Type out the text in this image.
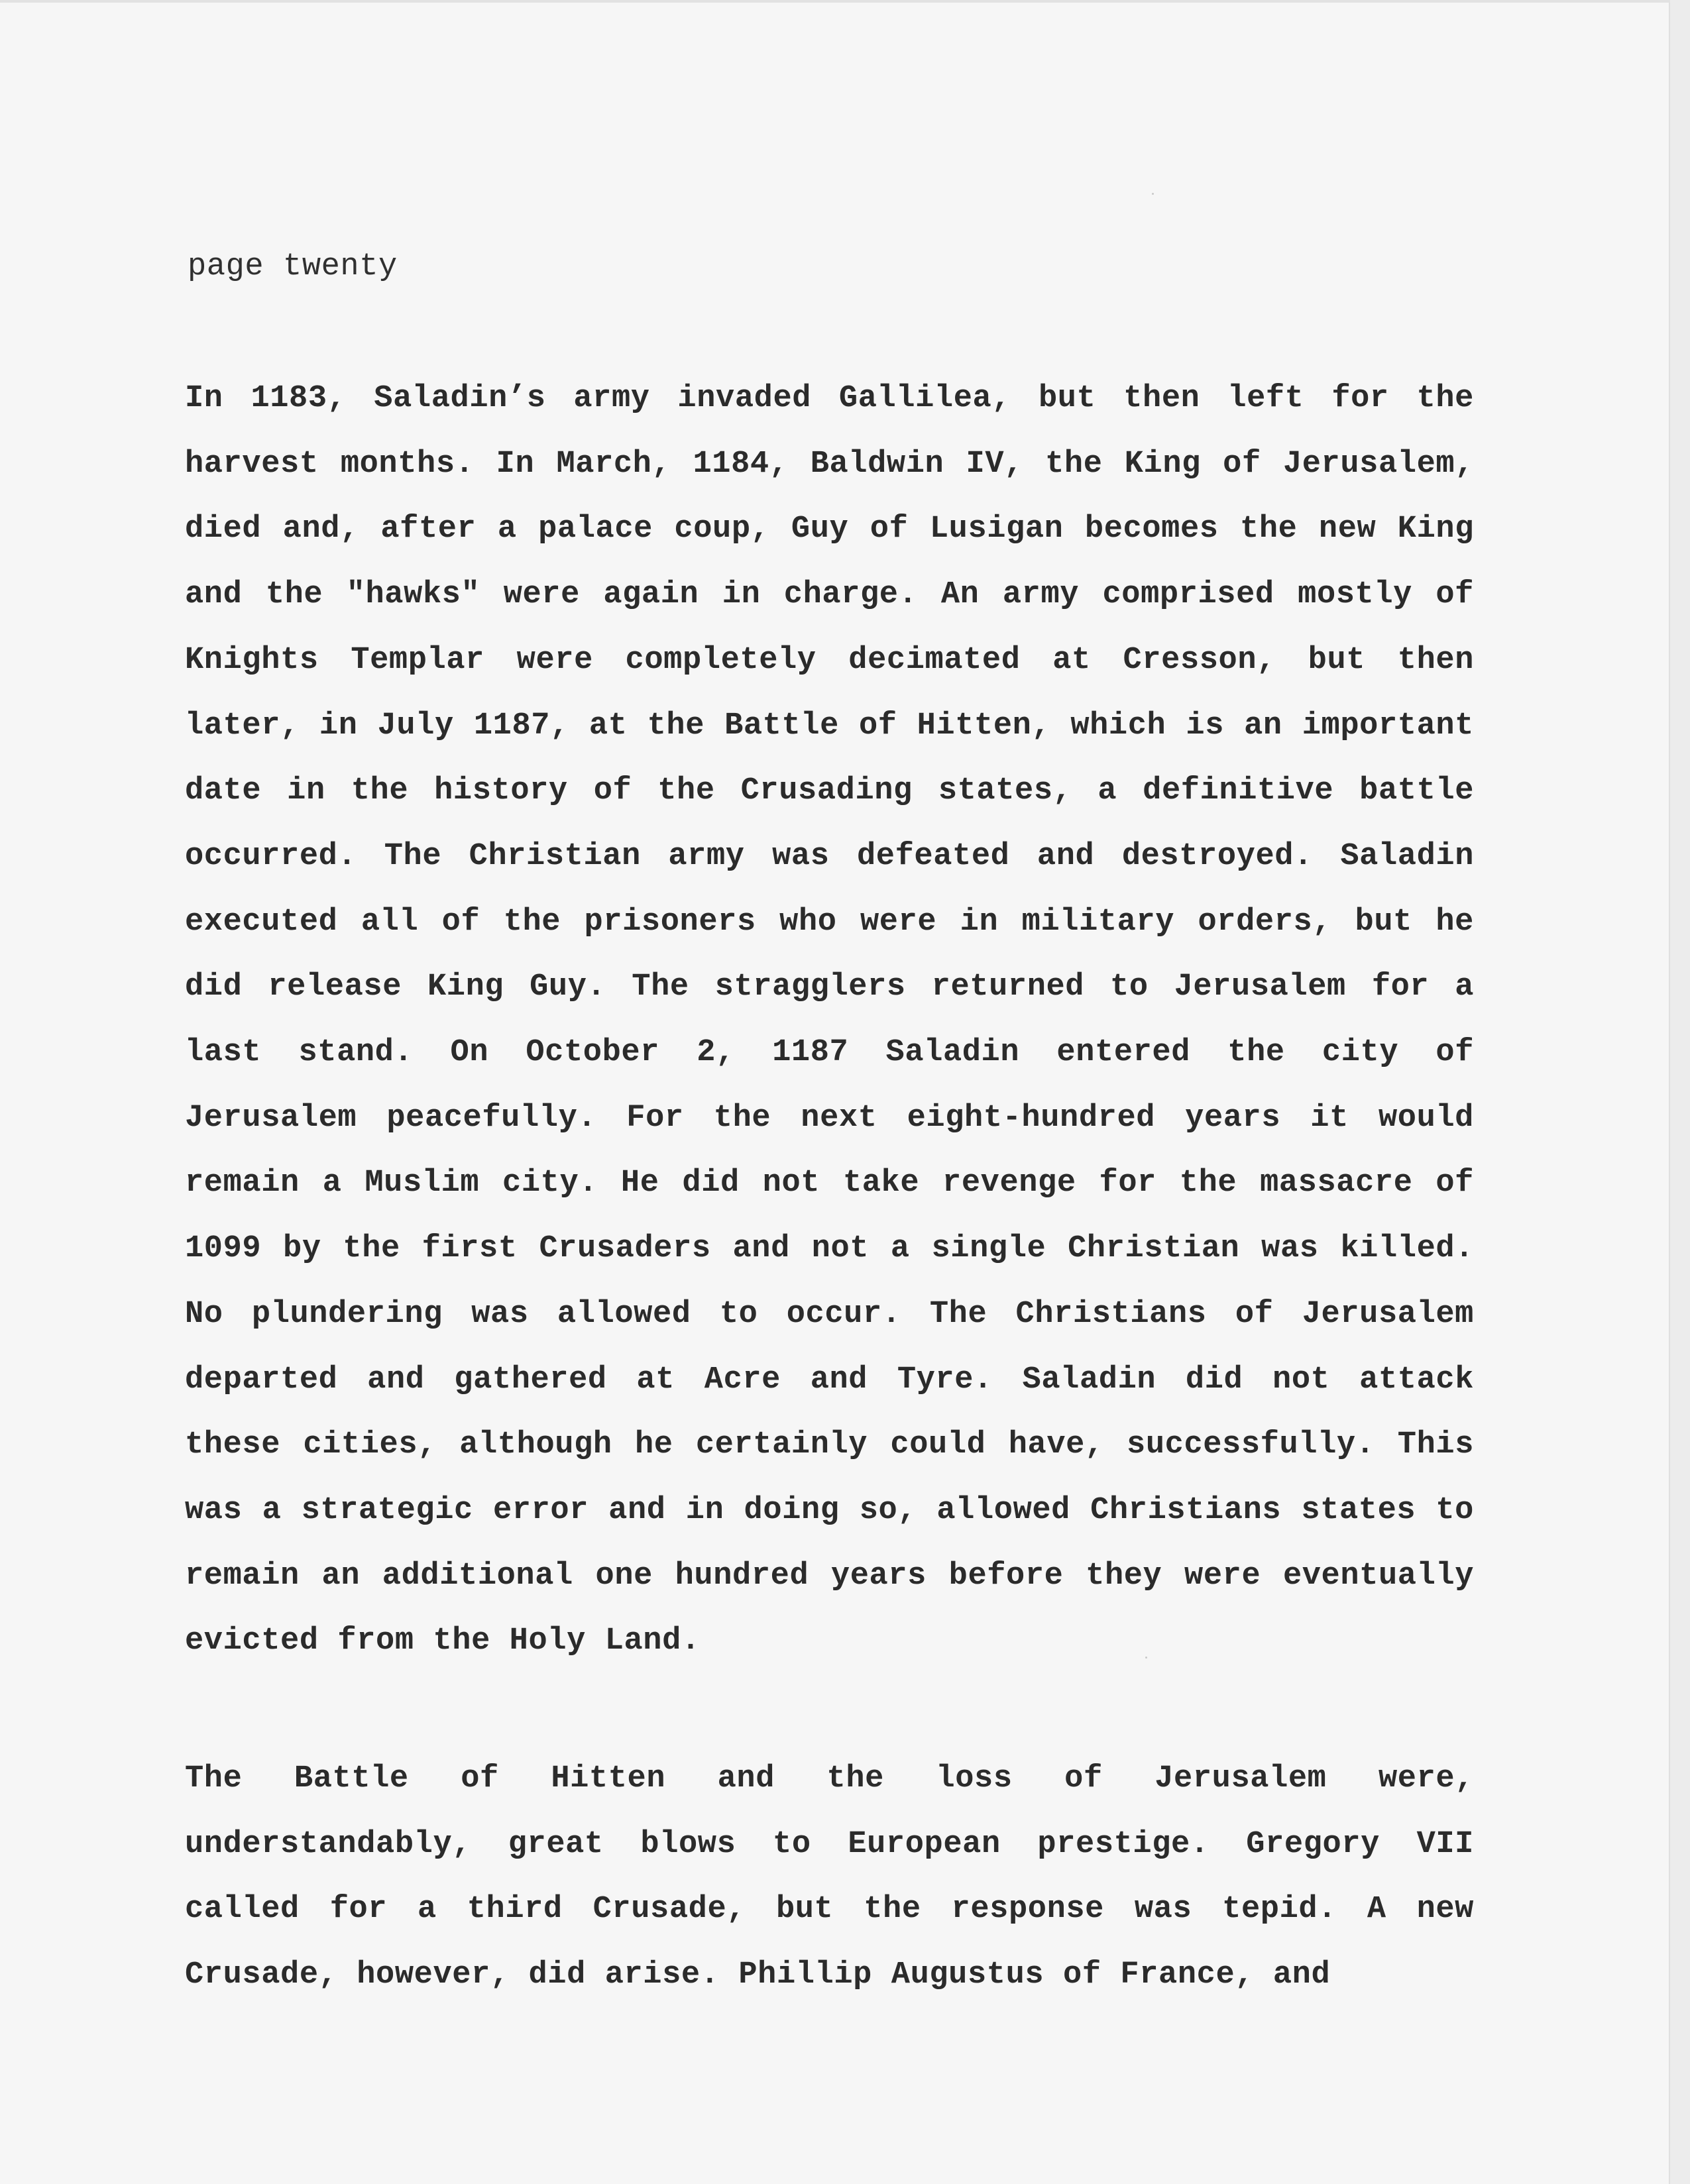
page twenty
In 1183, Saladin’s army invaded Gallilea, but then left for the
harvest months. In March, 1184, Baldwin IV, the King of Jerusalem,
died and, after a palace coup, Guy of Lusigan becomes the new King
and the "hawks" were again in charge. An army comprised mostly of
Knights Templar were completely decimated at Cresson, but then
later, in July 1187, at the Battle of Hitten, which is an important
date in the history of the Crusading states, a definitive battle
occurred. The Christian army was defeated and destroyed. Saladin
executed all of the prisoners who were in military orders, but he
did release King Guy. The stragglers returned to Jerusalem for a
last stand. On October 2, 1187 Saladin entered the city of
Jerusalem peacefully. For the next eight-hundred years it would
remain a Muslim city. He did not take revenge for the massacre of
1099 by the first Crusaders and not a single Christian was killed.
No plundering was allowed to occur. The Christians of Jerusalem
departed and gathered at Acre and Tyre. Saladin did not attack
these cities, although he certainly could have, successfully. This
was a strategic error and in doing so, allowed Christians states to
remain an additional one hundred years before they were eventually
evicted from the Holy Land.
The Battle of Hitten and the loss of Jerusalem were,
understandably, great blows to European prestige. Gregory VII
called for a third Crusade, but the response was tepid. A new
Crusade, however, did arise. Phillip Augustus of France, and
